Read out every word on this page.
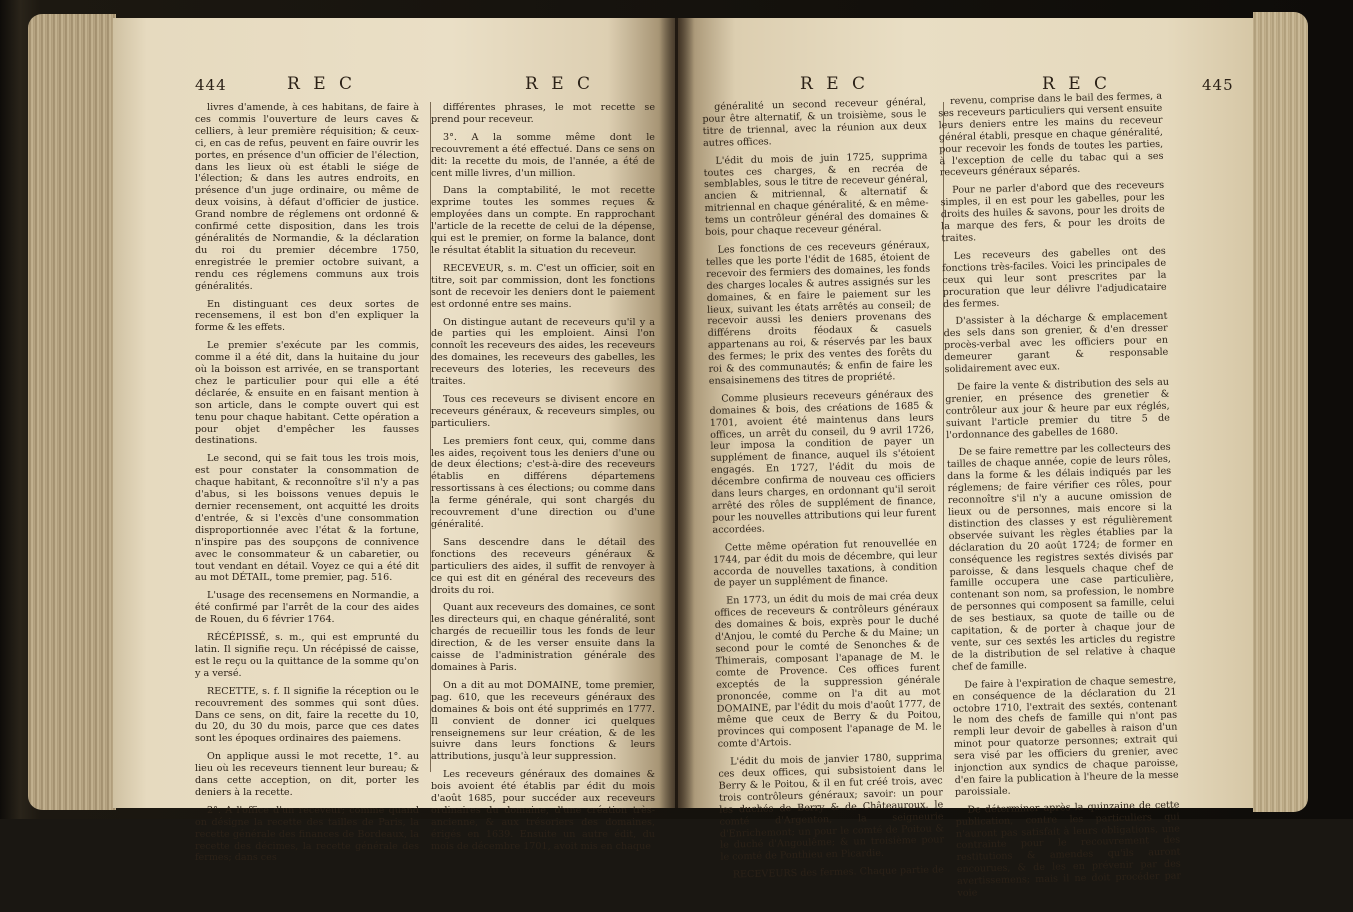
444	R E C	R E C

livres d'amende, à ces habitans, de faire à ces commis l'ouverture de leurs caves & celliers, à leur première réquisition; & ceux-ci, en cas de refus, peuvent en faire ouvrir les portes, en présence d'un officier de l'élection, dans les lieux où est établi le siége de l'élection; & dans les autres endroits, en présence d'un juge ordinaire, ou même de deux voisins, à défaut d'officier de justice. Grand nombre de réglemens ont ordonné & confirmé cette disposition, dans les trois généralités de Normandie, & la déclaration du roi du premier décembre 1750, enregistrée le premier octobre suivant, a rendu ces réglemens communs aux trois généralités.

En distinguant ces deux sortes de recensemens, il est bon d'en expliquer la forme & les effets.

Le premier s'exécute par les commis, comme il a été dit, dans la huitaine du jour où la boisson est arrivée, en se transportant chez le particulier pour qui elle a été déclarée, & ensuite en en faisant mention à son article, dans le compte ouvert qui est tenu pour chaque habitant. Cette opération a pour objet d'empêcher les fausses destinations.

Le second, qui se fait tous les trois mois, est pour constater la consommation de chaque habitant, & reconnoître s'il n'y a pas d'abus, si les boissons venues depuis le dernier recensement, ont acquitté les droits d'entrée, & si l'excès d'une consommation disproportionnée avec l'état & la fortune, n'inspire pas des soupçons de connivence avec le consommateur & un cabaretier, ou tout vendant en détail. Voyez ce qui a été dit au mot DÉTAIL, tome premier, pag. 516.

L'usage des recensemens en Normandie, a été confirmé par l'arrêt de la cour des aides de Rouen, du 6 février 1764.

RÉCÉPISSÉ, s. m., qui est emprunté du latin. Il signifie reçu. Un récépissé de caisse, est le reçu ou la quittance de la somme qu'on y a versé.

RECETTE, s. f. Il signifie la réception ou le recouvrement des sommes qui sont dûes. Dans ce sens, on dit, faire la recette du 10, du 20, du 30 du mois, parce que ces dates sont les époques ordinaires des paiemens.

On applique aussi le mot recette, 1°. au lieu où les receveurs tiennent leur bureau; & dans cette acception, on dit, porter les deniers à la recette.

2°. A l'office d'un receveur; comme quand on désigne la recette des tailles de Paris, la recette générale des finances de Bordeaux, la recette des décimes, la recette générale des fermes; dans ces

différentes phrases, le mot recette se prend pour receveur.

3°. A la somme même dont le recouvrement a été effectué. Dans ce sens on dit: la recette du mois, de l'année, a été de cent mille livres, d'un million.

Dans la comptabilité, le mot recette exprime toutes les sommes reçues & employées dans un compte. En rapprochant l'article de la recette de celui de la dépense, qui est le premier, on forme la balance, dont le résultat établit la situation du receveur.

RECEVEUR, s. m. C'est un officier, soit en titre, soit par commission, dont les fonctions sont de recevoir les deniers dont le paiement est ordonné entre ses mains.

On distingue autant de receveurs qu'il y a de parties qui les emploient. Ainsi l'on connoît les receveurs des aides, les receveurs des domaines, les receveurs des gabelles, les receveurs des loteries, les receveurs des traites.

Tous ces receveurs se divisent encore en receveurs généraux, & receveurs simples, ou particuliers.

Les premiers font ceux, qui, comme dans les aides, reçoivent tous les deniers d'une ou de deux élections; c'est-à-dire des receveurs établis en différens départemens ressortissans à ces élections; ou comme dans la ferme générale, qui sont chargés du recouvrement d'une direction ou d'une généralité.

Sans descendre dans le détail des fonctions des receveurs généraux & particuliers des aides, il suffit de renvoyer à ce qui est dit en général des receveurs des droits du roi.

Quant aux receveurs des domaines, ce sont les directeurs qui, en chaque généralité, sont chargés de recueillir tous les fonds de leur direction, & de les verser ensuite dans la caisse de l'administration générale des domaines à Paris.

On a dit au mot DOMAINE, tome premier, pag. 610, que les receveurs généraux des domaines & bois ont été supprimés en 1777. Il convient de donner ici quelques renseignemens sur leur création, & de les suivre dans leurs fonctions & leurs attributions, jusqu'à leur suppression.

Les receveurs généraux des domaines & bois avoient été établis par édit du mois d'août 1685, pour succéder aux receveurs ordinaires du domaine, d'une création très-ancienne, & aux trésoriers des domaines, érigés en 1639. Ensuite un autre édit, du mois de décembre 1701, avoit mis en chaque

R E C	R E C	445

généralité un second receveur général, pour être alternatif, & un troisième, sous le titre de triennal, avec la réunion aux deux autres offices.

L'édit du mois de juin 1725, supprima toutes ces charges, & en recréa de semblables, sous le titre de receveur général, ancien & mitriennal, & alternatif & mitriennal en chaque généralité, & en même-tems un contrôleur général des domaines & bois, pour chaque receveur général.

Les fonctions de ces receveurs généraux, telles que les porte l'édit de 1685, étoient de recevoir des fermiers des domaines, les fonds des charges locales & autres assignés sur les domaines, & en faire le paiement sur les lieux, suivant les états arrêtés au conseil; de recevoir aussi les deniers provenans des différens droits féodaux & casuels appartenans au roi, & réservés par les baux des fermes; le prix des ventes des forêts du roi & des communautés; & enfin de faire les ensaisinemens des titres de propriété.

Comme plusieurs receveurs généraux des domaines & bois, des créations de 1685 & 1701, avoient été maintenus dans leurs offices, un arrêt du conseil, du 9 avril 1726, leur imposa la condition de payer un supplément de finance, auquel ils s'étoient engagés. En 1727, l'édit du mois de décembre confirma de nouveau ces officiers dans leurs charges, en ordonnant qu'il seroit arrêté des rôles de supplément de finance, pour les nouvelles attributions qui leur furent accordées.

Cette même opération fut renouvellée en 1744, par édit du mois de décembre, qui leur accorda de nouvelles taxations, à condition de payer un supplément de finance.

En 1773, un édit du mois de mai créa deux offices de receveurs & contrôleurs généraux des domaines & bois, exprès pour le duché d'Anjou, le comté du Perche & du Maine; un second pour le comté de Senonches & de Thimerais, composant l'apanage de M. le comte de Provence. Ces offices furent exceptés de la suppression générale prononcée, comme on l'a dit au mot DOMAINE, par l'édit du mois d'août 1777, de même que ceux de Berry & du Poitou, provinces qui composent l'apanage de M. le comte d'Artois.

L'édit du mois de janvier 1780, supprima ces deux offices, qui subsistoient dans le Berry & le Poitou, & il en fut créé trois, avec trois contrôleurs généraux; savoir: un pour les duchés de Berry & de Châteauroux, le comté d'Argenton, la seigneurie d'Enrichemont; un pour le comté de Poitou & le duché d'Angoulême; & un troisième pour le comté de Ponthieu en Picardie.

RECEVEURS des fermes. Chaque partie de

revenu, comprise dans le bail des fermes, a ses receveurs particuliers qui versent ensuite leurs deniers entre les mains du receveur général établi, presque en chaque généralité, pour recevoir les fonds de toutes les parties, à l'exception de celle du tabac qui a ses receveurs généraux séparés.

Pour ne parler d'abord que des receveurs simples, il en est pour les gabelles, pour les droits des huiles & savons, pour les droits de la marque des fers, & pour les droits de traites.

Les receveurs des gabelles ont des fonctions très-faciles. Voici les principales de ceux qui leur sont prescrites par la procuration que leur délivre l'adjudicataire des fermes.

D'assister à la décharge & emplacement des sels dans son grenier, & d'en dresser procès-verbal avec les officiers pour en demeurer garant & responsable solidairement avec eux.

De faire la vente & distribution des sels au grenier, en présence des grenetier & contrôleur aux jour & heure par eux réglés, suivant l'article premier du titre 5 de l'ordonnance des gabelles de 1680.

De se faire remettre par les collecteurs des tailles de chaque année, copie de leurs rôles, dans la forme & les délais indiqués par les réglemens; de faire vérifier ces rôles, pour reconnoître s'il n'y a aucune omission de lieux ou de personnes, mais encore si la distinction des classes y est régulièrement observée suivant les règles établies par la déclaration du 20 août 1724; de former en conséquence les registres sextés divisés par paroisse, & dans lesquels chaque chef de famille occupera une case particulière, contenant son nom, sa profession, le nombre de personnes qui composent sa famille, celui de ses bestiaux, sa quote de taille ou de capitation, & de porter à chaque jour de vente, sur ces sextés les articles du registre de la distribution de sel relative à chaque chef de famille.

De faire à l'expiration de chaque semestre, en conséquence de la déclaration du 21 octobre 1710, l'extrait des sextés, contenant le nom des chefs de famille qui n'ont pas rempli leur devoir de gabelles à raison d'un minot pour quatorze personnes; extrait qui sera visé par les officiers du grenier, avec injonction aux syndics de chaque paroisse, d'en faire la publication à l'heure de la messe paroissiale.

De déterminer après la quinzaine de cette publication, contre les particuliers qui n'auront pas satisfait à leurs obligations, une contrainte pour le recouvrement des restitutions & amendes qu'ils auront encourues, & de les en prévenir par des avertissemens; mais il ne doit procéder par voie
